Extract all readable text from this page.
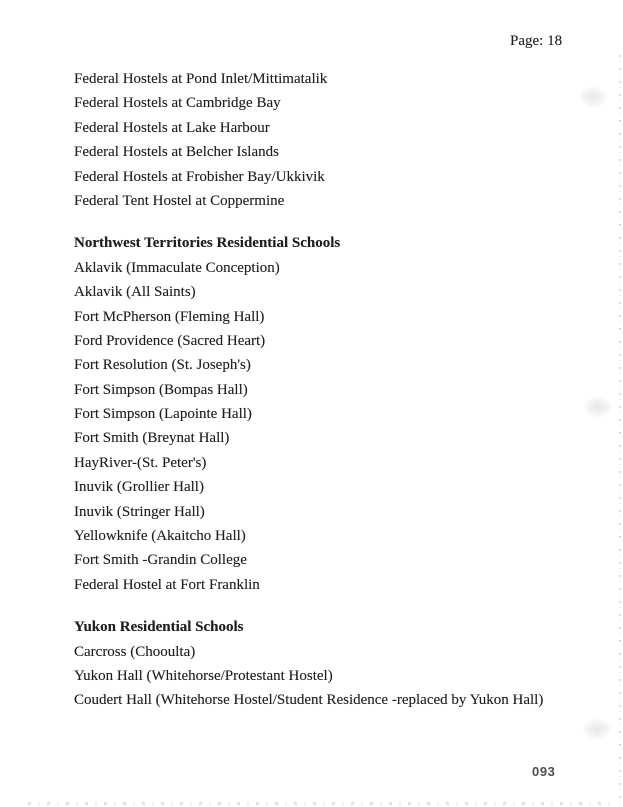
Page: 18
Federal Hostels at Pond Inlet/Mittimatalik
Federal Hostels at Cambridge Bay
Federal Hostels at Lake Harbour
Federal Hostels at Belcher Islands
Federal Hostels at Frobisher Bay/Ukkivik
Federal Tent Hostel at Coppermine
Northwest Territories Residential Schools
Aklavik (Immaculate Conception)
Aklavik (All Saints)
Fort McPherson (Fleming Hall)
Ford Providence (Sacred Heart)
Fort Resolution (St. Joseph's)
Fort Simpson (Bompas Hall)
Fort Simpson (Lapointe Hall)
Fort Smith (Breynat Hall)
HayRiver-(St. Peter's)
Inuvik (Grollier Hall)
Inuvik (Stringer Hall)
Yellowknife (Akaitcho Hall)
Fort Smith -Grandin College
Federal Hostel at Fort Franklin
Yukon Residential Schools
Carcross (Chooulta)
Yukon Hall (Whitehorse/Protestant Hostel)
Coudert Hall (Whitehorse Hostel/Student Residence -replaced by Yukon Hall)
093
